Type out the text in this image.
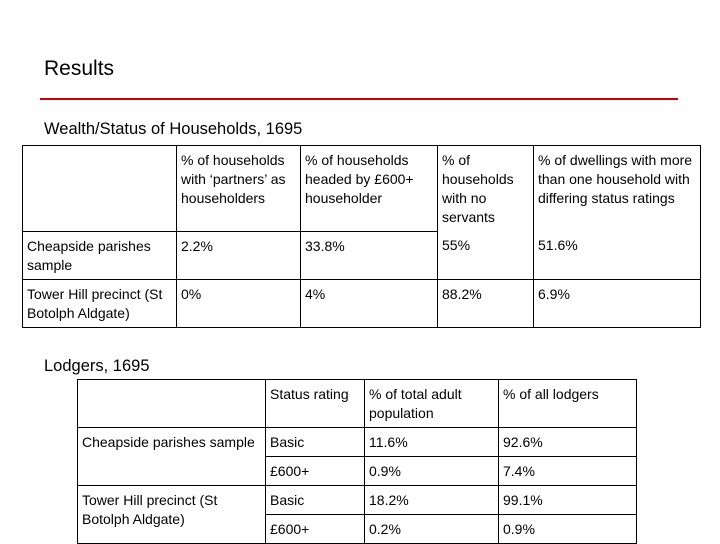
Results
Wealth/Status of Households, 1695
	% of households with ‘partners’ as householders	% of households headed by £600+ householder	% of households with no servants	% of dwellings with more than one household with differing status ratings
Cheapside parishes sample	2.2%	33.8%	55%	51.6%
Tower Hill precinct (St Botolph Aldgate)	0%	4%	88.2%	6.9%
Lodgers, 1695
	Status rating	% of total adult population	% of all lodgers
Cheapside parishes sample	Basic	11.6%	92.6%
	£600+	0.9%	7.4%
Tower Hill precinct (St Botolph Aldgate)	Basic	18.2%	99.1%
	£600+	0.2%	0.9%
